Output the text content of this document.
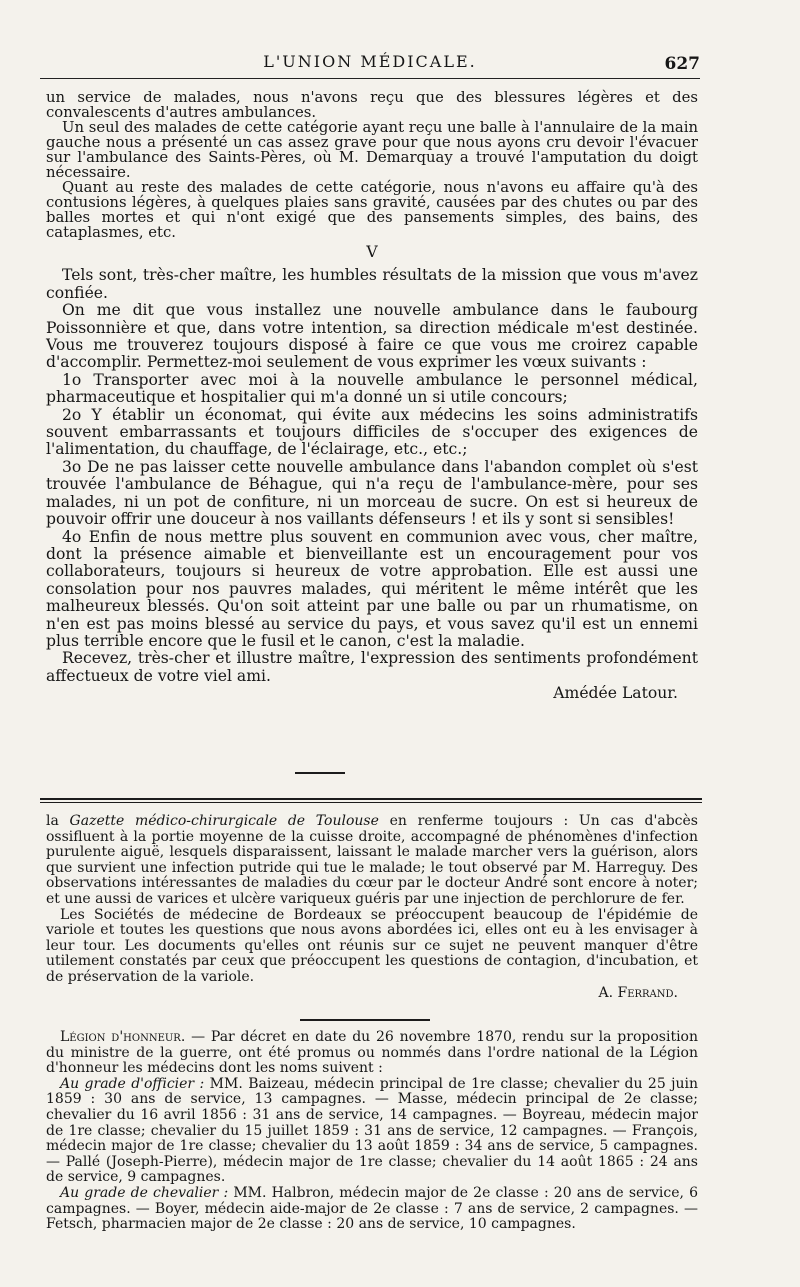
L'UNION MÉDICALE.	627

un service de malades, nous n'avons reçu que des blessures légères et des convalescents d'autres ambulances.

Un seul des malades de cette catégorie ayant reçu une balle à l'annulaire de la main gauche nous a présenté un cas assez grave pour que nous ayons cru devoir l'évacuer sur l'ambulance des Saints-Pères, où M. Demarquay a trouvé l'amputation du doigt nécessaire.

Quant au reste des malades de cette catégorie, nous n'avons eu affaire qu'à des contusions légères, à quelques plaies sans gravité, causées par des chutes ou par des balles mortes et qui n'ont exigé que des pansements simples, des bains, des cataplasmes, etc.

V

Tels sont, très-cher maître, les humbles résultats de la mission que vous m'avez confiée.

On me dit que vous installez une nouvelle ambulance dans le faubourg Poissonnière et que, dans votre intention, sa direction médicale m'est destinée. Vous me trouverez toujours disposé à faire ce que vous me croirez capable d'accomplir. Permettez-moi seulement de vous exprimer les vœux suivants :

1o Transporter avec moi à la nouvelle ambulance le personnel médical, pharmaceutique et hospitalier qui m'a donné un si utile concours;

2o Y établir un économat, qui évite aux médecins les soins administratifs souvent embarrassants et toujours difficiles de s'occuper des exigences de l'alimentation, du chauffage, de l'éclairage, etc., etc.;

3o De ne pas laisser cette nouvelle ambulance dans l'abandon complet où s'est trouvée l'ambulance de Béhague, qui n'a reçu de l'ambulance-mère, pour ses malades, ni un pot de confiture, ni un morceau de sucre. On est si heureux de pouvoir offrir une douceur à nos vaillants défenseurs ! et ils y sont si sensibles!

4o Enfin de nous mettre plus souvent en communion avec vous, cher maître, dont la présence aimable et bienveillante est un encouragement pour vos collaborateurs, toujours si heureux de votre approbation. Elle est aussi une consolation pour nos pauvres malades, qui méritent le même intérêt que les malheureux blessés. Qu'on soit atteint par une balle ou par un rhumatisme, on n'en est pas moins blessé au service du pays, et vous savez qu'il est un ennemi plus terrible encore que le fusil et le canon, c'est la maladie.

Recevez, très-cher et illustre maître, l'expression des sentiments profondément affectueux de votre viel ami.

Amédée Latour.

la Gazette médico-chirurgicale de Toulouse en renferme toujours : Un cas d'abcès ossifluent à la portie moyenne de la cuisse droite, accompagné de phénomènes d'infection purulente aiguë, lesquels disparaissent, laissant le malade marcher vers la guérison, alors que survient une infection putride qui tue le malade; le tout observé par M. Harreguy. Des observations intéressantes de maladies du cœur par le docteur André sont encore à noter; et une aussi de varices et ulcère variqueux guéris par une injection de perchlorure de fer.

Les Sociétés de médecine de Bordeaux se préoccupent beaucoup de l'épidémie de variole et toutes les questions que nous avons abordées ici, elles ont eu à les envisager à leur tour. Les documents qu'elles ont réunis sur ce sujet ne peuvent manquer d'être utilement constatés par ceux que préoccupent les questions de contagion, d'incubation, et de préservation de la variole.

A. Ferrand.

Légion d'honneur. — Par décret en date du 26 novembre 1870, rendu sur la proposition du ministre de la guerre, ont été promus ou nommés dans l'ordre national de la Légion d'honneur les médecins dont les noms suivent :

Au grade d'officier : MM. Baizeau, médecin principal de 1re classe; chevalier du 25 juin 1859 : 30 ans de service, 13 campagnes. — Masse, médecin principal de 2e classe; chevalier du 16 avril 1856 : 31 ans de service, 14 campagnes. — Boyreau, médecin major de 1re classe; chevalier du 15 juillet 1859 : 31 ans de service, 12 campagnes. — François, médecin major de 1re classe; chevalier du 13 août 1859 : 34 ans de service, 5 campagnes. — Pallé (Joseph-Pierre), médecin major de 1re classe; chevalier du 14 août 1865 : 24 ans de service, 9 campagnes.

Au grade de chevalier : MM. Halbron, médecin major de 2e classe : 20 ans de service, 6 campagnes. — Boyer, médecin aide-major de 2e classe : 7 ans de service, 2 campagnes. — Fetsch, pharmacien major de 2e classe : 20 ans de service, 10 campagnes.
